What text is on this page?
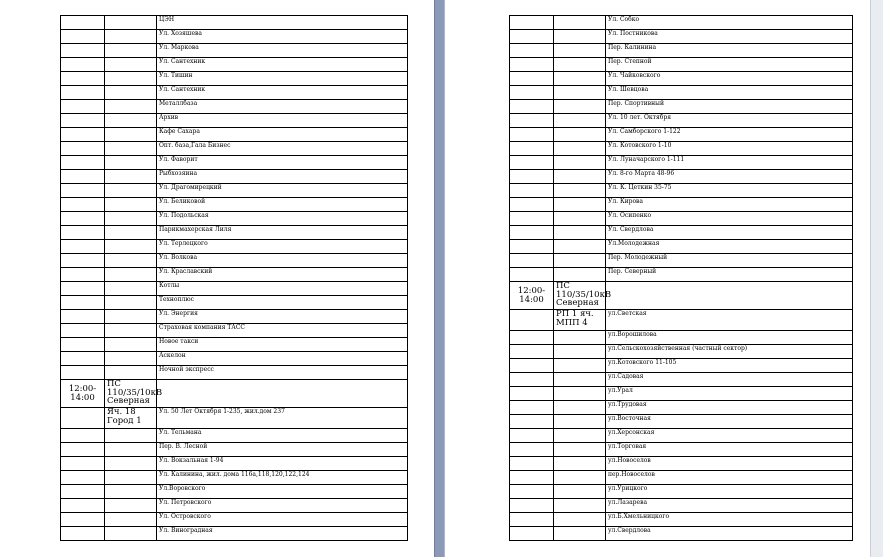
		ЦЭН
		Ул. Хозяшева
		Ул. Маркова
		Ул. Сантехник
		Ул. Тишин
		Ул. Сантехник
		Металлбаза
		Архив
		Кафе Сахара
		Опт. база,Гала Бизнес
		Ул. Фаворит
		Рыбхозяина
		Ул. Драгомирецкий
		Ул. Беликовой
		Ул. Подольская
		Парикмахерская Лиля
		Ул. Терлецкого
		Ул. Волкова
		Ул. Краславский
		Котлы
		Техноплюс
		Ул. Энергия
		Страховая компания ТАСС
		Новое такси
		Аскелон
		Ночной экспресс
12:00-14:00	ПС 110/35/10кВ Северная	
	Яч. 18 Город 1	Ул. 50 Лет Октября 1-235, жил.дом 237
		Ул. Тельмана
		Пер. В. Лесной
		Ул. Вокзальная 1-94
		Ул. Калинина, жил. дома 116а,118,120,122,124
		Ул.Воровского
		Ул. Петровского
		Ул. Островского
		Ул. Виноградная
		Ул. Собко
		Ул. Постникова
		Пер. Калинина
		Пер. Степной
		Ул. Чайковского
		Ул. Шевцова
		Пер. Спортивный
		Ул. 10 лет. Октября
		Ул. Самборского 1-122
		Ул. Котовского 1-10
		Ул. Луначарского 1-111
		Ул. 8-го Марта 48-96
		Ул. К. Цеткин 35-75
		Ул. Кирова
		Ул. Осипенко
		Ул. Свердлова
		Ул.Молодежная
		Пер. Молодежный
		Пер. Северный
12:00-14:00	ПС 110/35/10кВ Северная	
	РП 1 яч. МПП 4	ул.Светская
		ул.Ворошилова
		ул.Сельскохозяйственная (частный сектор)
		ул.Котовского 11-105
		ул.Садовая
		ул.Урал
		ул.Трудовая
		ул.Восточная
		ул.Херсонская
		ул.Торговая
		ул.Новоселов
		пер.Новоселов
		ул.Урицкого
		ул.Лазарева
		ул.Б.Хмельницкого
		ул.Свердлова
